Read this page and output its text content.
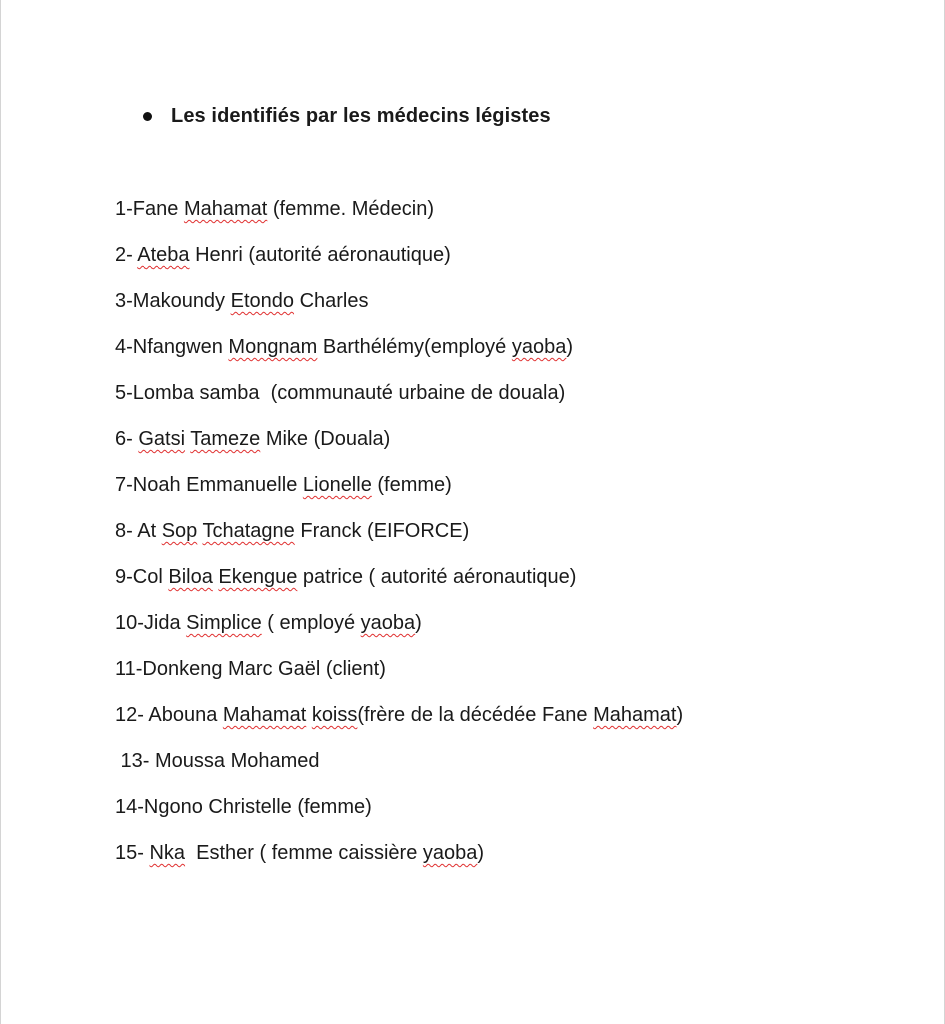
Les identifiés par les médecins légistes
1-Fane Mahamat (femme. Médecin)
2- Ateba Henri (autorité aéronautique)
3-Makoundy Etondo Charles
4-Nfangwen Mongnam Barthélémy(employé yaoba)
5-Lomba samba  (communauté urbaine de douala)
6- Gatsi Tameze Mike (Douala)
7-Noah Emmanuelle Lionelle (femme)
8- At Sop Tchatagne Franck (EIFORCE)
9-Col Biloa Ekengue patrice ( autorité aéronautique)
10-Jida Simplice ( employé yaoba)
11-Donkeng Marc Gaël (client)
12- Abouna Mahamat koiss(frère de la décédée Fane Mahamat)
13- Moussa Mohamed
14-Ngono Christelle (femme)
15- Nka  Esther ( femme caissière yaoba)
